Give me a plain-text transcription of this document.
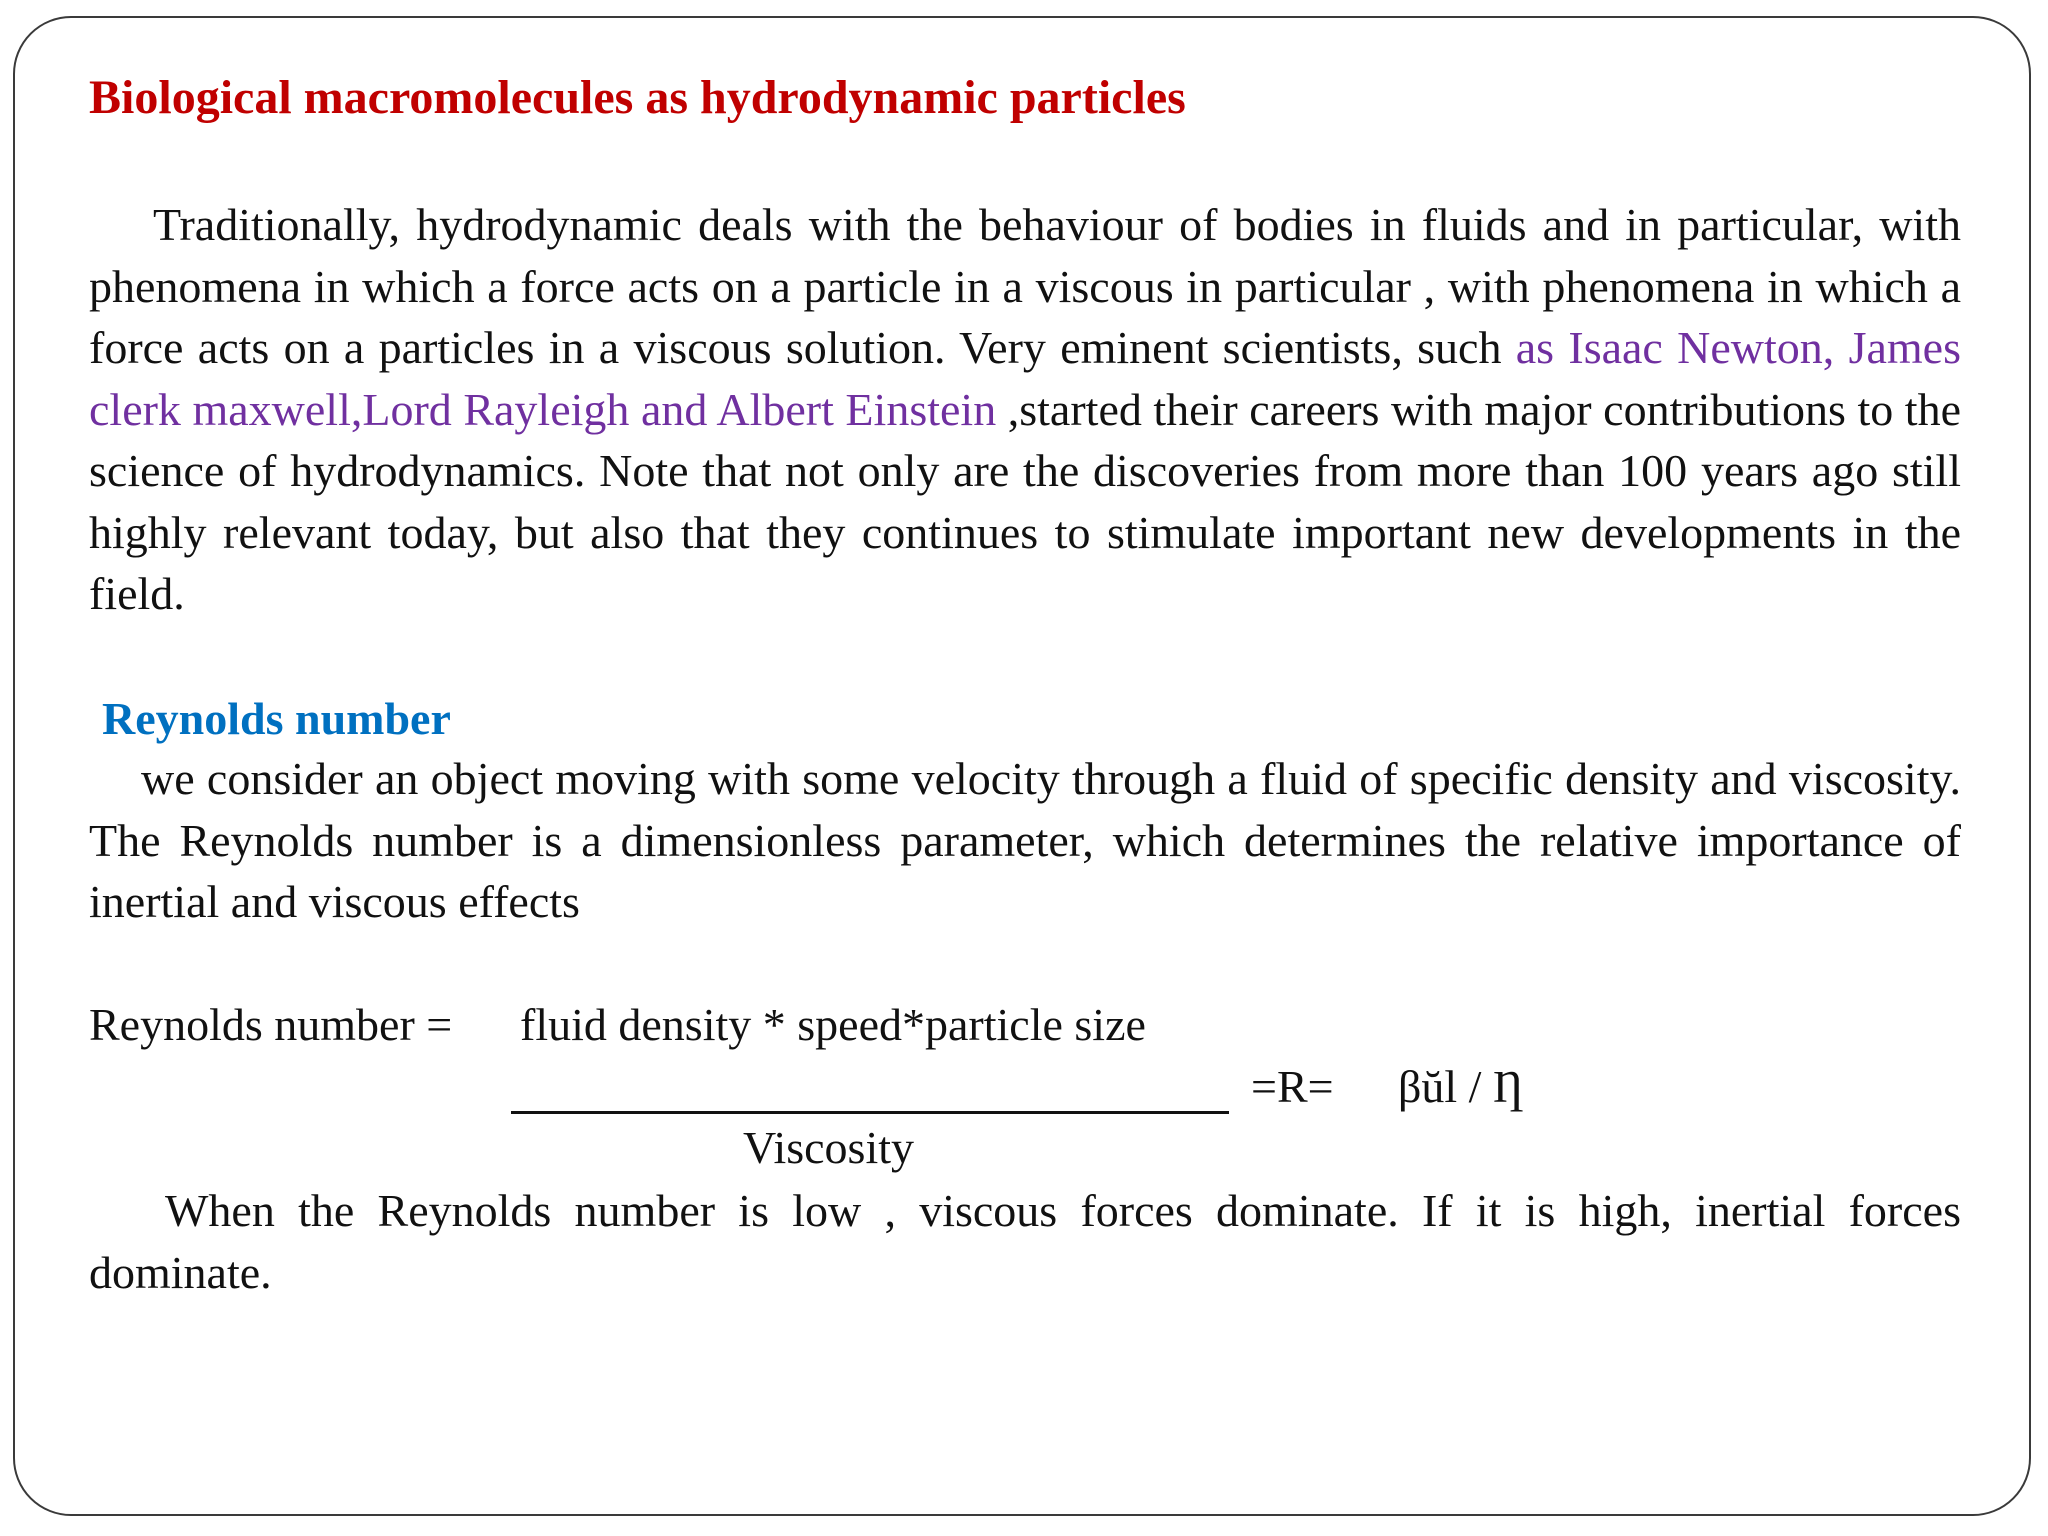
Biological macromolecules as hydrodynamic particles

Traditionally, hydrodynamic deals with the behaviour of bodies in fluids and in particular, with phenomena in which a force acts on a particle in a viscous in particular , with phenomena in which a force acts on a particles in a viscous solution. Very eminent scientists, such as Isaac Newton, James clerk maxwell,Lord Rayleigh and Albert Einstein ,started their careers with major contributions to the science of hydrodynamics. Note that not only are the discoveries from more than 100 years ago still highly relevant today, but also that they continues to stimulate important new developments in the field.

Reynolds number

we consider an object moving with some velocity through a fluid of specific density and viscosity. The Reynolds number is a dimensionless parameter, which determines the relative importance of inertial and viscous effects

Reynolds number = fluid density * speed*particle size
=R= βŭl / Ƞ
Viscosity

When the Reynolds number is low , viscous forces dominate. If it is high, inertial forces dominate.
